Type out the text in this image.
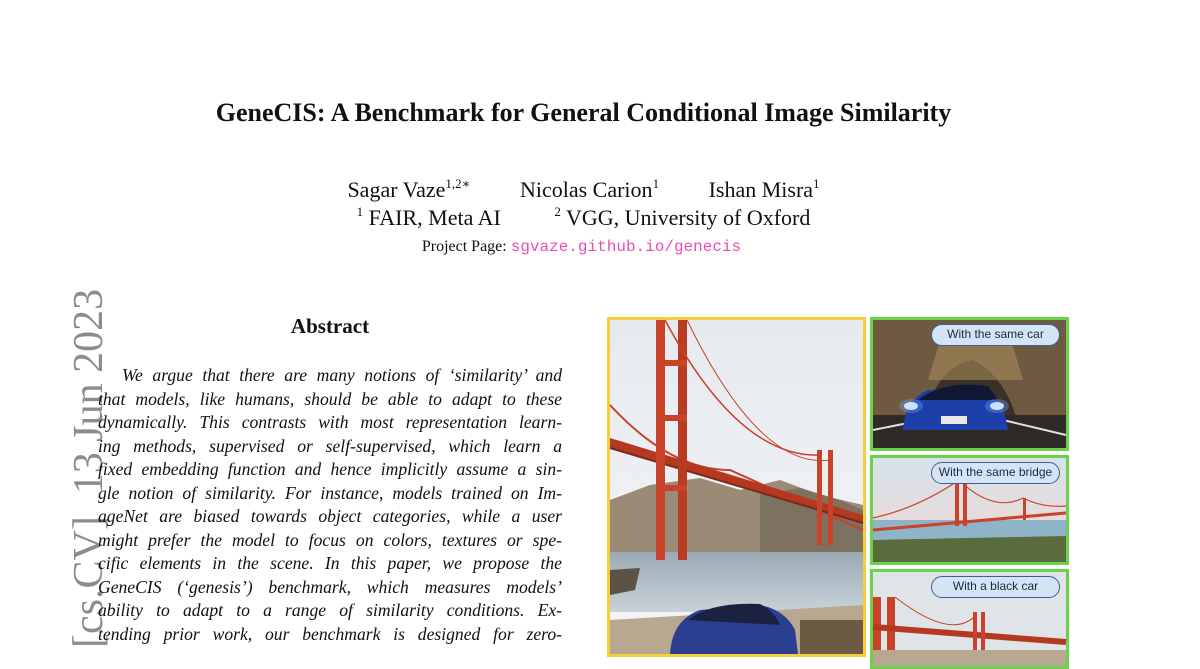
GeneCIS: A Benchmark for General Conditional Image Similarity
Sagar Vaze$^{1,2∗}$ Nicolas Carion$^1$ Ishan Misra$^1$
$^1$ FAIR, Meta AI	$^2$ VGG, University of Oxford
Project Page: sgvaze.github.io/genecis
[cs.CV]13 Jun 2023	Abstract
We argue that there are many notions of ‘similarity’ and
that models, like humans, should be able to adapt to these
dynamically. This contrasts with most representation learn-
ing methods, supervised or self-supervised, which learn a
fixed embedding function and hence implicitly assume a sin-
gle notion of similarity. For instance, models trained on Im-
ageNet are biased towards object categories, while a user
might prefer the model to focus on colors, textures or spe-
cific elements in the scene. In this paper, we propose the
GeneCIS (‘genesis’) benchmark, which measures models’
ability to adapt to a range of similarity conditions. Ex-
tending prior work, our benchmark is designed for zero-
With the same car
With the same bridge
With a black car
